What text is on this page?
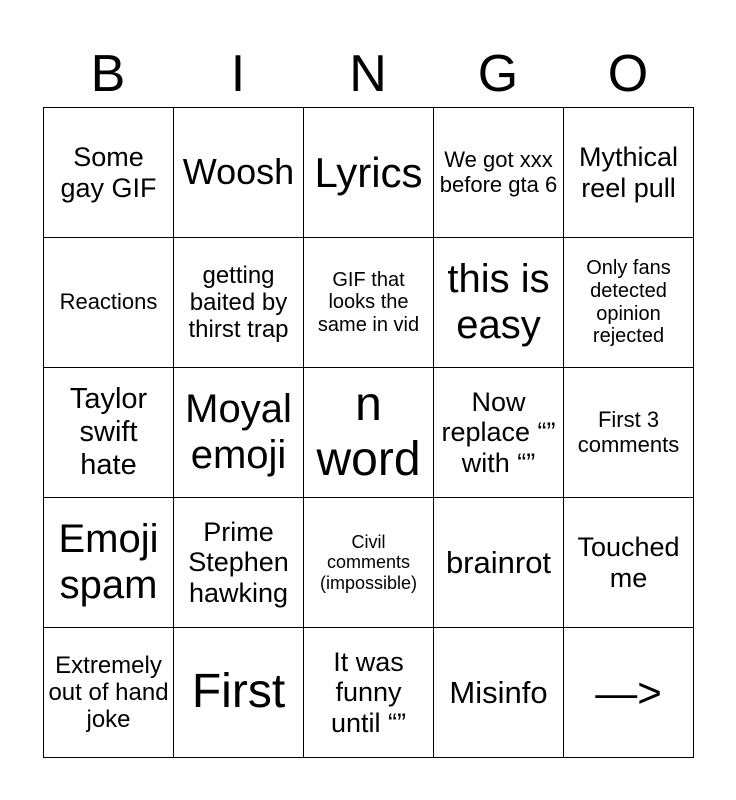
B	I	N	G	O
Some gay GIF	Woosh	Lyrics	We got xxx before gta 6	Mythical reel pull
Reactions	getting baited by thirst trap	GIF that looks the same in vid	this is easy	Only fans detected opinion rejected
Taylor swift hate	Moyal emoji	n word	Now replace “” with “”	First 3 comments
Emoji spam	Prime Stephen hawking	Civil comments (impossible)	brainrot	Touched me
Extremely out of hand joke	First	It was funny until “”	Misinfo	—>
